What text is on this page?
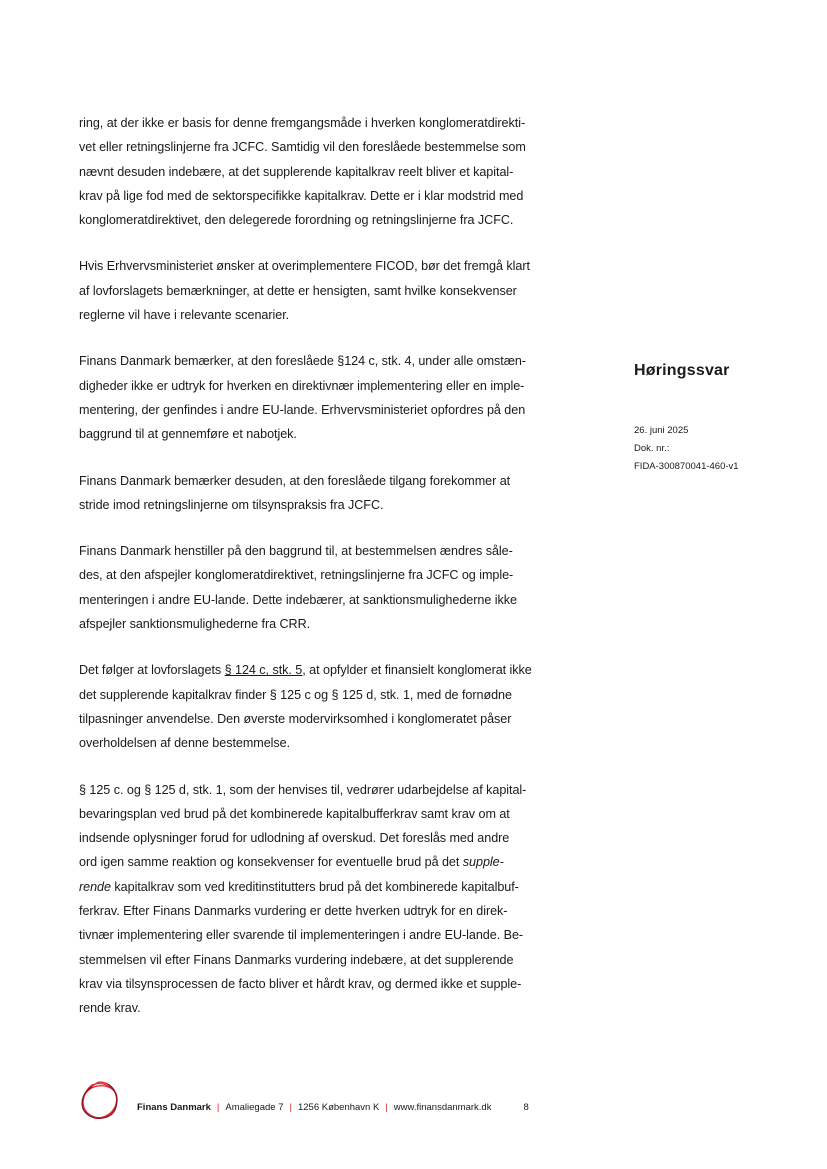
ring, at der ikke er basis for denne fremgangsmåde i hverken konglomeratdirekti-
vet eller retningslinjerne fra JCFC. Samtidig vil den foreslåede bestemmelse som
nævnt desuden indebære, at det supplerende kapitalkrav reelt bliver et kapital-
krav på lige fod med de sektorspecifikke kapitalkrav. Dette er i klar modstrid med
konglomeratdirektivet, den delegerede forordning og retningslinjerne fra JCFC.

Hvis Erhvervsministeriet ønsker at overimplementere FICOD, bør det fremgå klart
af lovforslagets bemærkninger, at dette er hensigten, samt hvilke konsekvenser
reglerne vil have i relevante scenarier.

Finans Danmark bemærker, at den foreslåede §124 c, stk. 4, under alle omstæn-
digheder ikke er udtryk for hverken en direktivnær implementering eller en imple-
mentering, der genfindes i andre EU-lande. Erhvervsministeriet opfordres på den
baggrund til at gennemføre et nabotjek.

Finans Danmark bemærker desuden, at den foreslåede tilgang forekommer at
stride imod retningslinjerne om tilsynspraksis fra JCFC.

Finans Danmark henstiller på den baggrund til, at bestemmelsen ændres såle-
des, at den afspejler konglomeratdirektivet, retningslinjerne fra JCFC og imple-
menteringen i andre EU-lande. Dette indebærer, at sanktionsmulighederne ikke
afspejler sanktionsmulighederne fra CRR.

Det følger at lovforslagets § 124 c, stk. 5, at opfylder et finansielt konglomerat ikke
det supplerende kapitalkrav finder § 125 c og § 125 d, stk. 1, med de fornødne
tilpasninger anvendelse. Den øverste modervirksomhed i konglomeratet påser
overholdelsen af denne bestemmelse.

§ 125 c. og § 125 d, stk. 1, som der henvises til, vedrører udarbejdelse af kapital-
bevaringsplan ved brud på det kombinerede kapitalbufferkrav samt krav om at
indsende oplysninger forud for udlodning af overskud. Det foreslås med andre
ord igen samme reaktion og konsekvenser for eventuelle brud på det supple-
rende kapitalkrav som ved kreditinstitutters brud på det kombinerede kapitalbuf-
ferkrav. Efter Finans Danmarks vurdering er dette hverken udtryk for en direk-
tivnær implementering eller svarende til implementeringen i andre EU-lande. Be-
stemmelsen vil efter Finans Danmarks vurdering indebære, at det supplerende
krav via tilsynsprocessen de facto bliver et hårdt krav, og dermed ikke et supple-
rende krav.

Høringssvar
26. juni 2025
Dok. nr.:
FIDA-300870041-460-v1
Finans Danmark | Amaliegade 7 | 1256 København K | www.finansdanmark.dk	8
